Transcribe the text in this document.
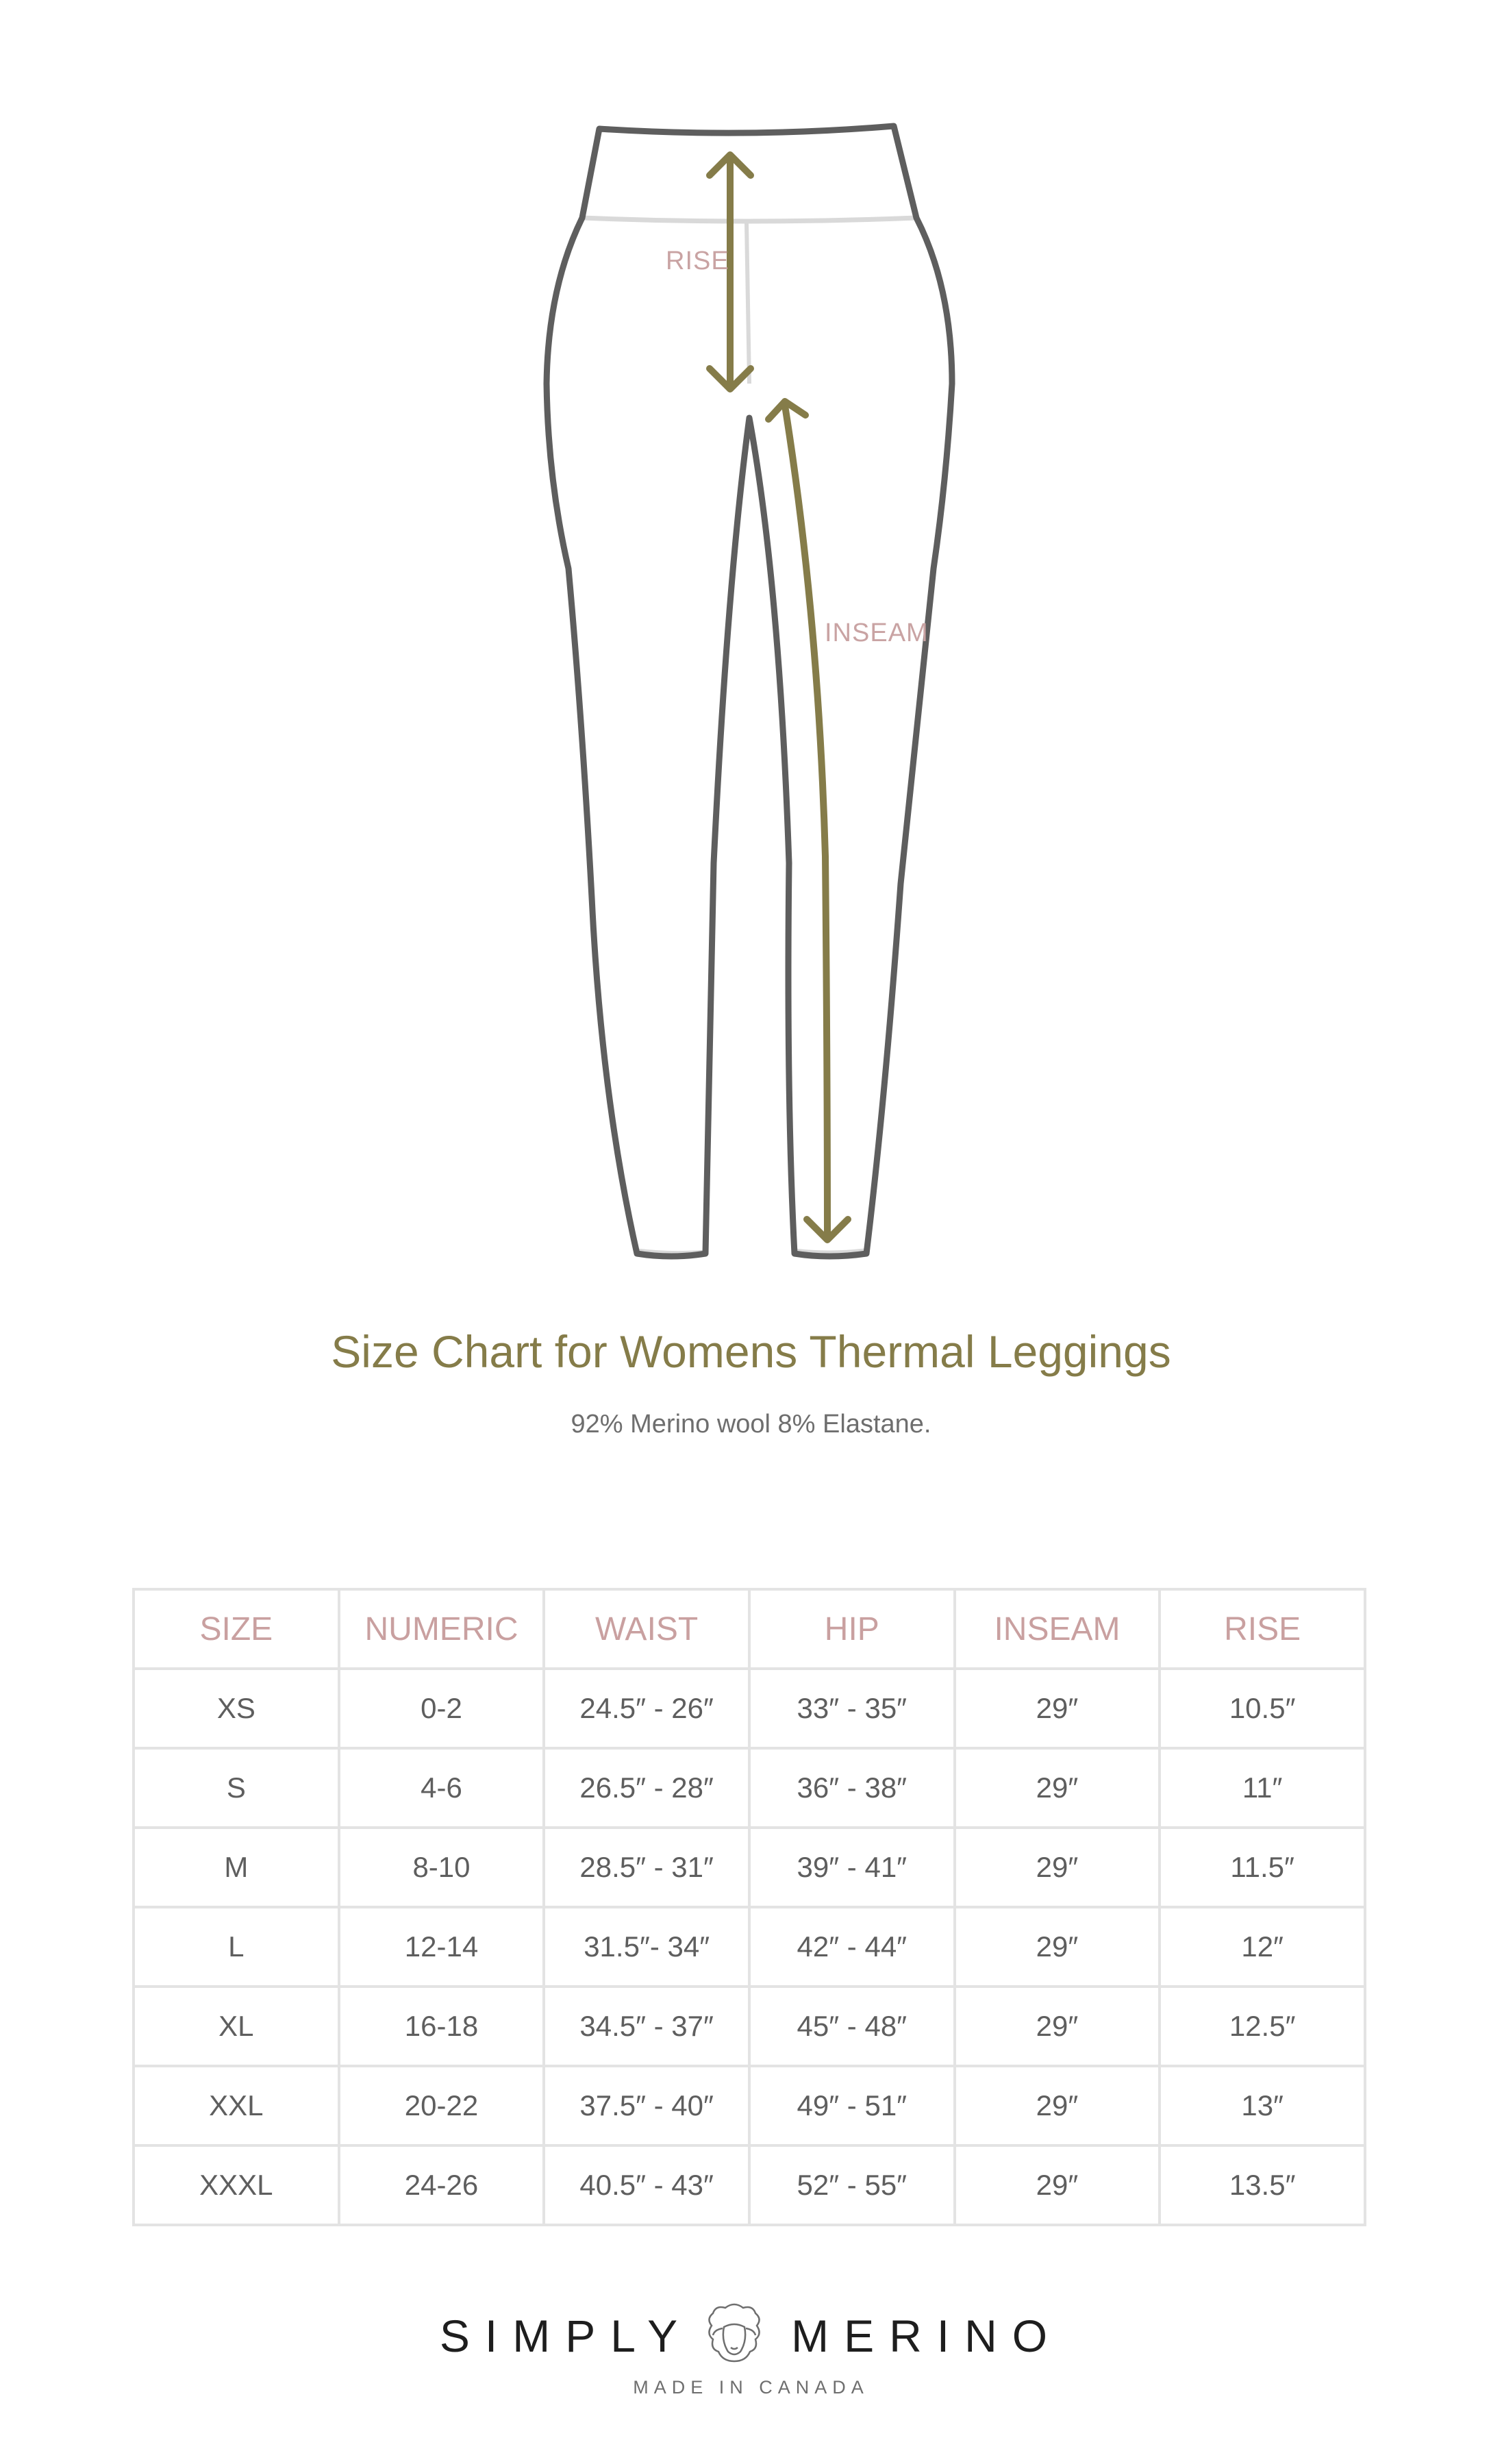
RISE
INSEAM
Size Chart for Womens Thermal Leggings
92% Merino wool 8% Elastane.
SIZE	NUMERIC	WAIST	HIP	INSEAM	RISE
XS	0-2	24.5″ - 26″	33″ - 35″	29″	10.5″
S	4-6	26.5″ - 28″	36″ - 38″	29″	11″
M	8-10	28.5″ - 31″	39″ - 41″	29″	11.5″
L	12-14	31.5″- 34″	42″ - 44″	29″	12″
XL	16-18	34.5″ - 37″	45″ - 48″	29″	12.5″
XXL	20-22	37.5″ - 40″	49″ - 51″	29″	13″
XXXL	24-26	40.5″ - 43″	52″ - 55″	29″	13.5″
SIMPLY MERINO
MADE IN CANADA
